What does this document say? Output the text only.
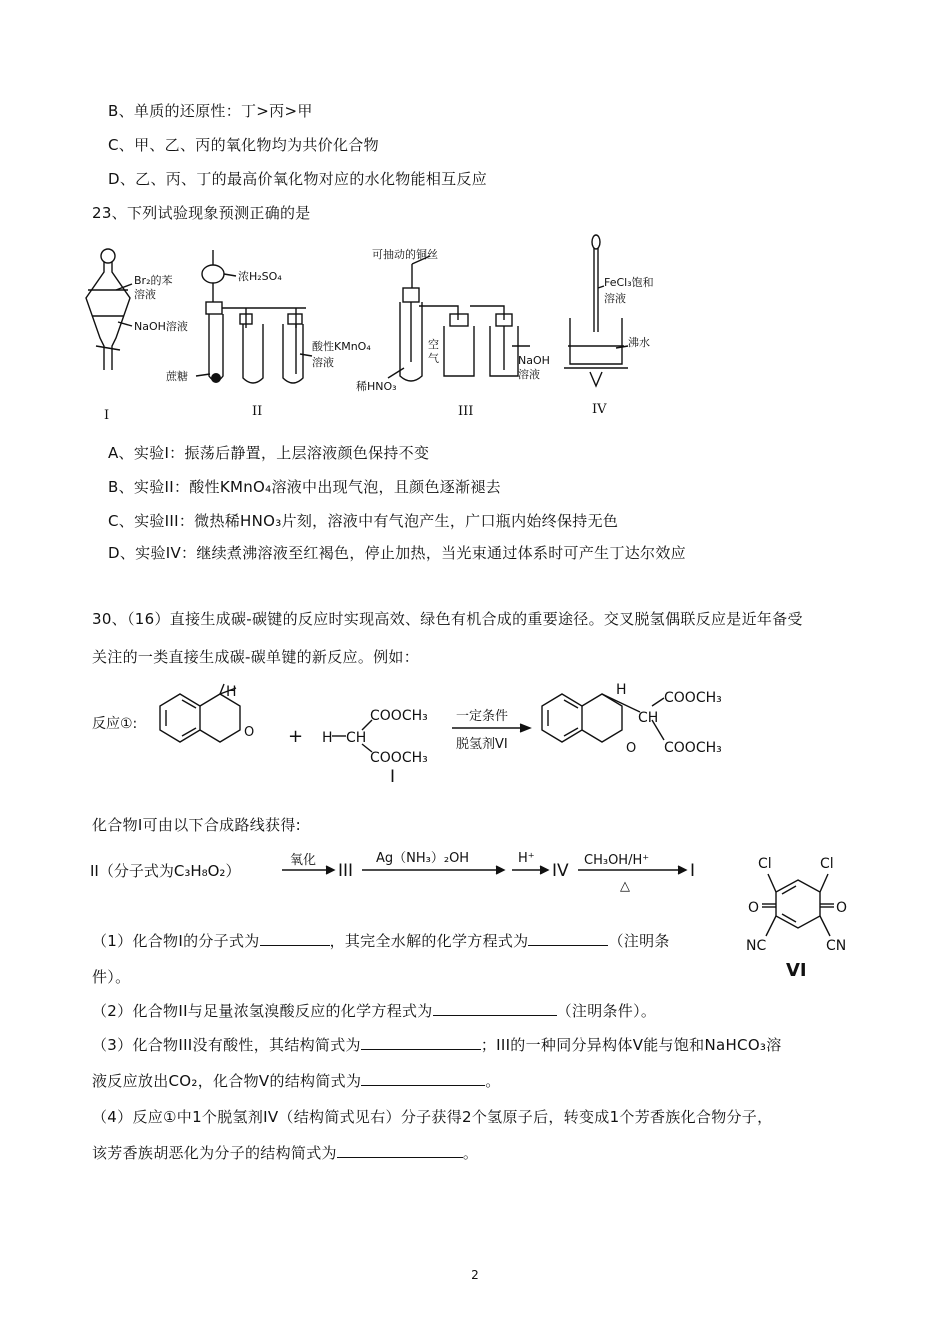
B、单质的还原性：丁>丙>甲
C、甲、乙、丙的氧化物均为共价化合物
D、乙、丙、丁的最高价氧化物对应的水化物能相互反应
23、下列试验现象预测正确的是
Br₂的苯
溶液
NaOH溶液
浓H₂SO₄
蔗糖
酸性KMnO₄
溶液
可抽动的铜丝
空
气
稀HNO₃
NaOH
溶液
FeCl₃饱和
溶液
沸水
I	II	III	IV
A、实验I：振荡后静置，上层溶液颜色保持不变
B、实验II：酸性KMnO₄溶液中出现气泡，且颜色逐渐褪去
C、实验III：微热稀HNO₃片刻，溶液中有气泡产生，广口瓶内始终保持无色
D、实验IV：继续煮沸溶液至红褐色，停止加热，当光束通过体系时可产生丁达尔效应
30、（16）直接生成碳-碳键的反应时实现高效、绿色有机合成的重要途径。交叉脱氢偶联反应是近年备受
关注的一类直接生成碳-碳单键的新反应。例如：
反应①:
H
O + H CH
COOCH₃
COOCH₃
I
一定条件
脱氢剂VI
H
O
CH
COOCH₃
COOCH₃
化合物I可由以下合成路线获得:
II（分子式为C₃H₈O₂）
氧化
III
Ag（NH₃）₂OH	H⁺
IV
CH₃OH/H⁺
△
I	Cl	Cl
O	O
NC	CN
VI
（1）化合物I的分子式为	，其完全水解的化学方程式为	（注明条
件）。
（2）化合物II与足量浓氢溴酸反应的化学方程式为	（注明条件）。
（3）化合物III没有酸性，其结构简式为	；III的一种同分异构体V能与饱和NaHCO₃溶
液反应放出CO₂，化合物V的结构简式为	。
（4）反应①中1个脱氢剂IV（结构简式见右）分子获得2个氢原子后，转变成1个芳香族化合物分子，
该芳香族胡恶化为分子的结构简式为	。
2
